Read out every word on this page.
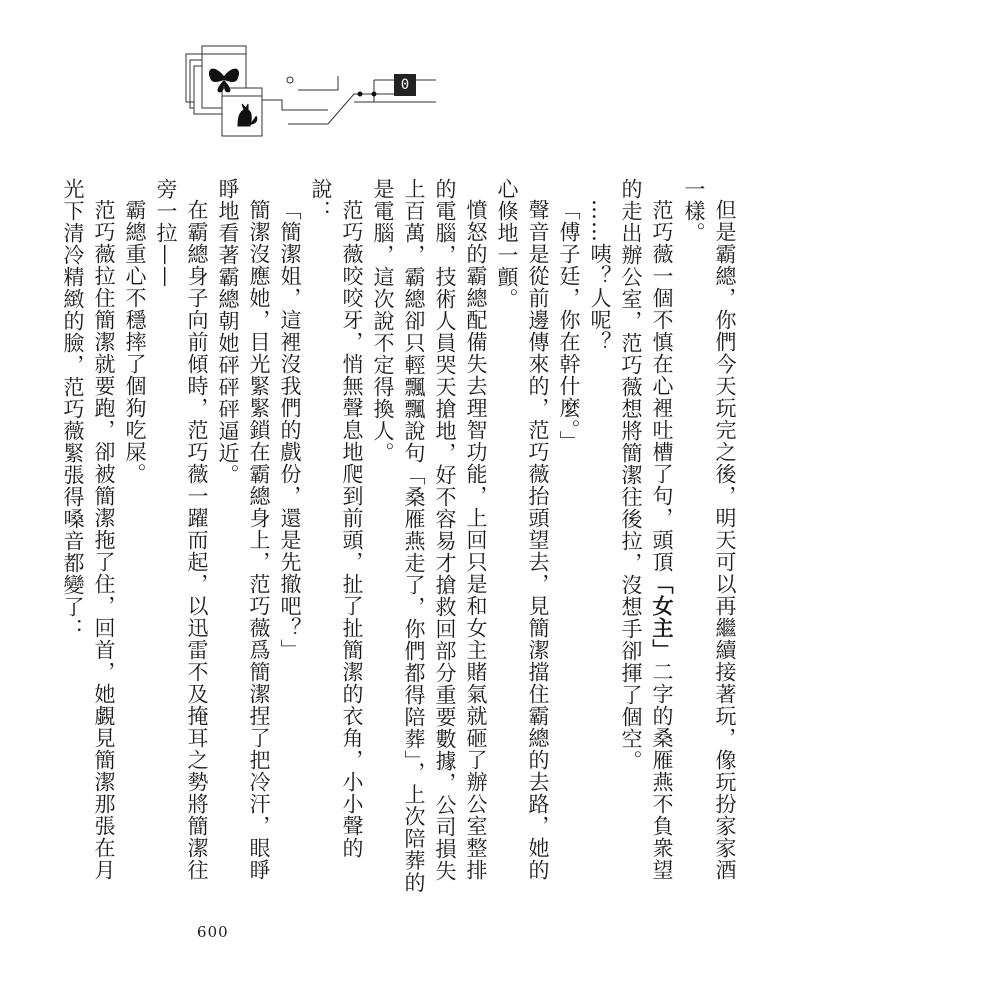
0

但是霸總，你們今天玩完之後，明天可以再繼續接著玩，像玩扮家家酒一樣。

范巧薇一個不慎在心裡吐槽了句，頭頂「女主」二字的桑雁燕不負衆望的走出辦公室，范巧薇想將簡潔往後拉，沒想手卻揮了個空。

……咦？人呢？

「傅子廷，你在幹什麼。」

聲音是從前邊傳來的，范巧薇抬頭望去，見簡潔擋住霸總的去路，她的心倏地一顫。

憤怒的霸總配備失去理智功能，上回只是和女主賭氣就砸了辦公室整排的電腦，技術人員哭天搶地，好不容易才搶救回部分重要數據，公司損失上百萬，霸總卻只輕飄飄說句「桑雁燕走了，你們都得陪葬」，上次陪葬的是電腦，這次說不定得換人。

范巧薇咬咬牙，悄無聲息地爬到前頭，扯了扯簡潔的衣角，小小聲的說：

「簡潔姐，這裡沒我們的戲份，還是先撤吧？」

簡潔沒應她，目光緊緊鎖在霸總身上，范巧薇爲簡潔捏了把冷汗，眼睜睜地看著霸總朝她砰砰砰逼近。

在霸總身子向前傾時，范巧薇一躍而起，以迅雷不及掩耳之勢將簡潔往旁一拉——

霸總重心不穩摔了個狗吃屎。

范巧薇拉住簡潔就要跑，卻被簡潔拖了住，回首，她覷見簡潔那張在月光下清冷精緻的臉，范巧薇緊張得嗓音都變了：

009
